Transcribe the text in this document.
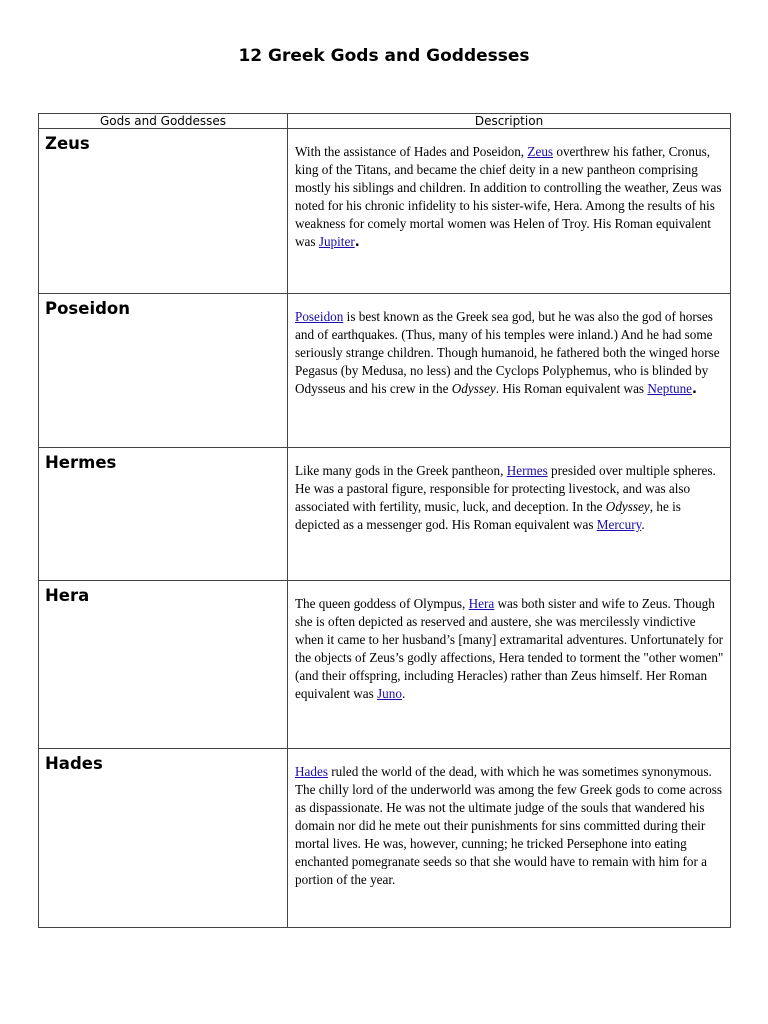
12 Greek Gods and Goddesses
Gods and Goddesses	Description
Zeus	With the assistance of Hades and Poseidon, Zeus overthrew his father, Cronus, king of the Titans, and became the chief deity in a new pantheon comprising mostly his siblings and children. In addition to controlling the weather, Zeus was noted for his chronic infidelity to his sister-wife, Hera. Among the results of his weakness for comely mortal women was Helen of Troy. His Roman equivalent was Jupiter.
Poseidon	Poseidon is best known as the Greek sea god, but he was also the god of horses and of earthquakes. (Thus, many of his temples were inland.) And he had some seriously strange children. Though humanoid, he fathered both the winged horse Pegasus (by Medusa, no less) and the Cyclops Polyphemus, who is blinded by Odysseus and his crew in the Odyssey. His Roman equivalent was Neptune.
Hermes	Like many gods in the Greek pantheon, Hermes presided over multiple spheres. He was a pastoral figure, responsible for protecting livestock, and was also associated with fertility, music, luck, and deception. In the Odyssey, he is depicted as a messenger god. His Roman equivalent was Mercury.
Hera	The queen goddess of Olympus, Hera was both sister and wife to Zeus. Though she is often depicted as reserved and austere, she was mercilessly vindictive when it came to her husband’s [many] extramarital adventures. Unfortunately for the objects of Zeus’s godly affections, Hera tended to torment the "other women" (and their offspring, including Heracles) rather than Zeus himself. Her Roman equivalent was Juno.
Hades	Hades ruled the world of the dead, with which he was sometimes synonymous. The chilly lord of the underworld was among the few Greek gods to come across as dispassionate. He was not the ultimate judge of the souls that wandered his domain nor did he mete out their punishments for sins committed during their mortal lives. He was, however, cunning; he tricked Persephone into eating enchanted pomegranate seeds so that she would have to remain with him for a portion of the year.
